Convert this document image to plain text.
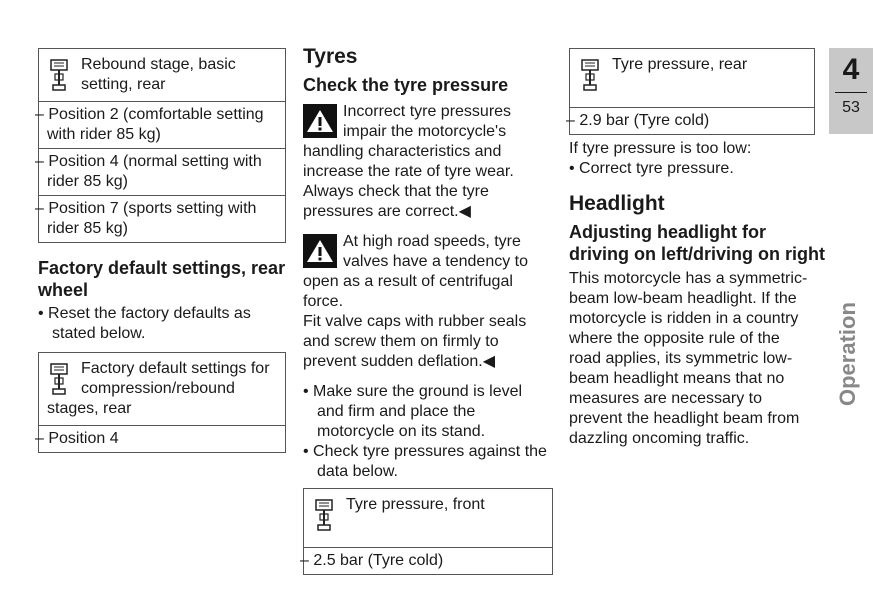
Rebound stage, basic setting, rear
– Position 2 (comfortable setting with rider 85 kg)
– Position 4 (normal setting with rider 85 kg)
– Position 7 (sports setting with rider 85 kg)
Factory default settings, rear wheel

• Reset the factory defaults as stated below.

Factory default settings for compression/rebound stages, rear
– Position 4
Tyres
Check the tyre pressure

Incorrect tyre pressures impair the motorcycle's handling characteristics and increase the rate of tyre wear.

Always check that the tyre pressures are correct.◀

At high road speeds, tyre valves have a tendency to open as a result of centrifugal force.

Fit valve caps with rubber seals and screw them on firmly to prevent sudden deflation.◀

• Make sure the ground is level and firm and place the motorcycle on its stand.

• Check tyre pressures against the data below.

Tyre pressure, front
– 2.5 bar (Tyre cold)
Tyre pressure, rear
– 2.9 bar (Tyre cold)

If tyre pressure is too low:

• Correct tyre pressure.

Headlight
Adjusting headlight for driving on left/driving on right

This motorcycle has a symmetric-beam low-beam headlight. If the motorcycle is ridden in a country where the opposite rule of the road applies, its symmetric low-beam headlight means that no measures are necessary to prevent the headlight beam from dazzling oncoming traffic.

4
53
Operation
